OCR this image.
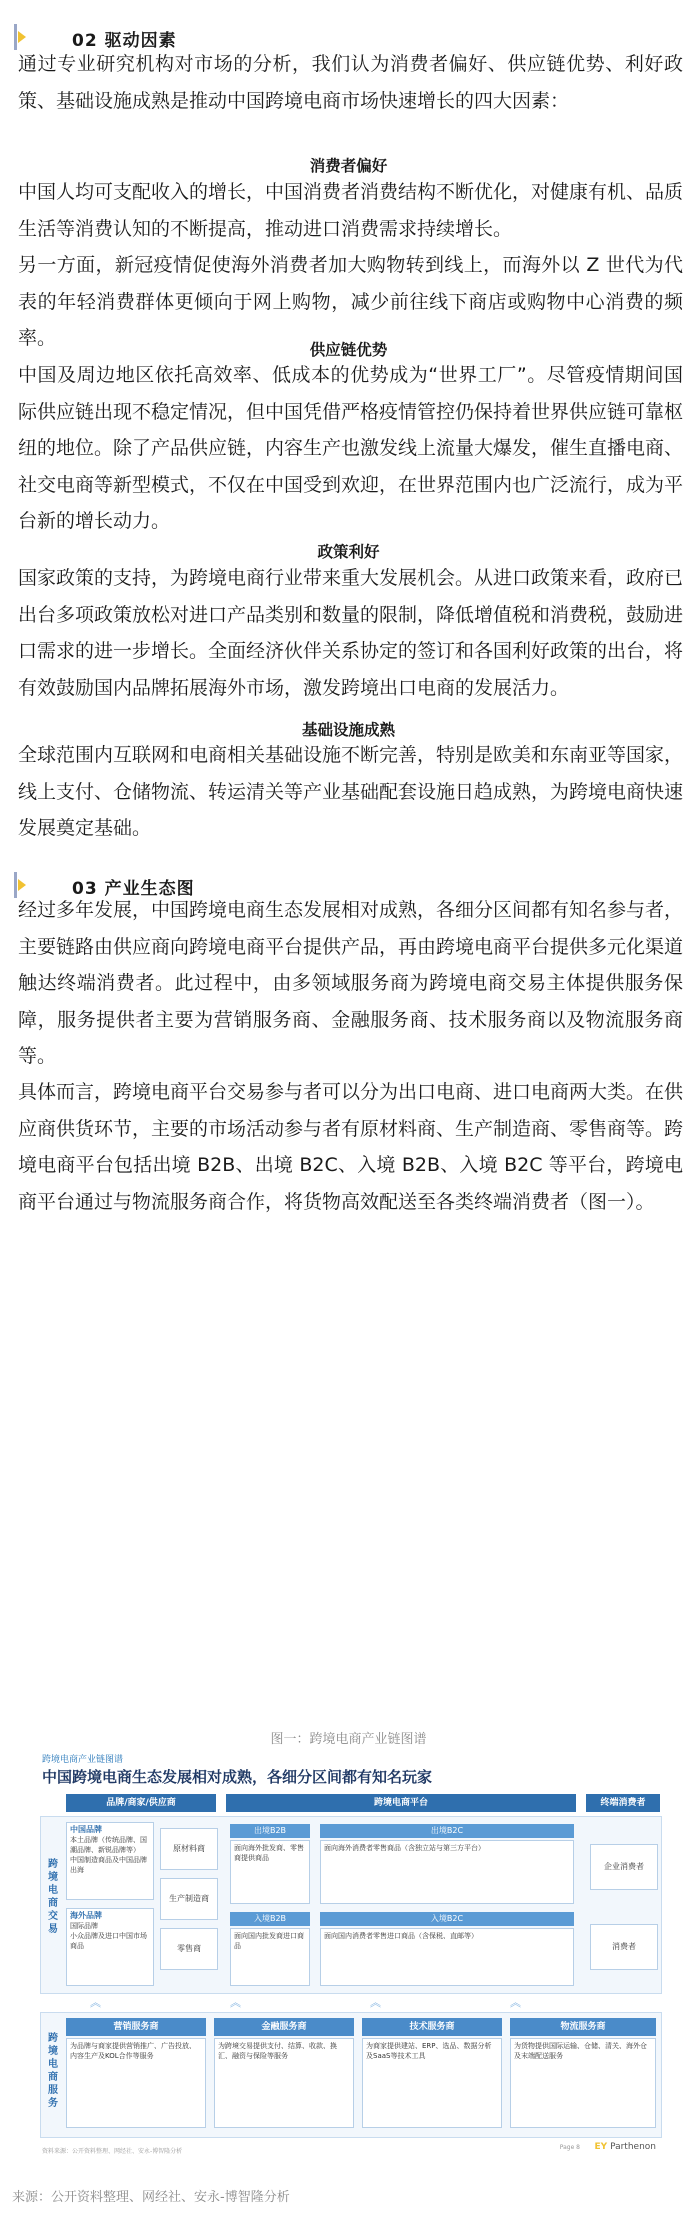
02 驱动因素

通过专业研究机构对市场的分析，我们认为消费者偏好、供应链优势、利好政策、基础设施成熟是推动中国跨境电商市场快速增长的四大因素：

消费者偏好

中国人均可支配收入的增长，中国消费者消费结构不断优化，对健康有机、品质生活等消费认知的不断提高，推动进口消费需求持续增长。

另一方面，新冠疫情促使海外消费者加大购物转到线上，而海外以 Z 世代为代表的年轻消费群体更倾向于网上购物，减少前往线下商店或购物中心消费的频率。

供应链优势

中国及周边地区依托高效率、低成本的优势成为“世界工厂”。尽管疫情期间国际供应链出现不稳定情况，但中国凭借严格疫情管控仍保持着世界供应链可靠枢纽的地位。除了产品供应链，内容生产也激发线上流量大爆发，催生直播电商、社交电商等新型模式，不仅在中国受到欢迎，在世界范围内也广泛流行，成为平台新的增长动力。

政策利好

国家政策的支持，为跨境电商行业带来重大发展机会。从进口政策来看，政府已出台多项政策放松对进口产品类别和数量的限制，降低增值税和消费税，鼓励进口需求的进一步增长。全面经济伙伴关系协定的签订和各国利好政策的出台，将有效鼓励国内品牌拓展海外市场，激发跨境出口电商的发展活力。

基础设施成熟

全球范围内互联网和电商相关基础设施不断完善，特别是欧美和东南亚等国家，线上支付、仓储物流、转运清关等产业基础配套设施日趋成熟，为跨境电商快速发展奠定基础。

03 产业生态图

经过多年发展，中国跨境电商生态发展相对成熟，各细分区间都有知名参与者，主要链路由供应商向跨境电商平台提供产品，再由跨境电商平台提供多元化渠道触达终端消费者。此过程中，由多领域服务商为跨境电商交易主体提供服务保障，服务提供者主要为营销服务商、金融服务商、技术服务商以及物流服务商等。

具体而言，跨境电商平台交易参与者可以分为出口电商、进口电商两大类。在供应商供货环节，主要的市场活动参与者有原材料商、生产制造商、零售商等。跨境电商平台包括出境 B2B、出境 B2C、入境 B2B、入境 B2C 等平台，跨境电商平台通过与物流服务商合作，将货物高效配送至各类终端消费者（图一）。

图一：跨境电商产业链图谱
跨境电商产业链图谱
中国跨境电商生态发展相对成熟，各细分区间都有知名玩家
品牌/商家/供应商	跨境电商平台	终端消费者
跨境电商交易
中国品牌
本土品牌（传统品牌、国潮品牌、新锐品牌等）
中国制造商品及中国品牌出海
海外品牌
国际品牌
小众品牌及进口中国市场商品
原材料商
生产制造商
零售商
出境B2B
面向海外批发商、零售商提供商品
出境B2C
面向海外消费者零售商品（含独立站与第三方平台）
入境B2B
面向国内批发商进口商品
入境B2C
面向国内消费者零售进口商品（含保税、直邮等）
企业消费者
消费者
︽	︽	︽	︽
跨境电商服务
营销服务商
为品牌与商家提供营销推广、广告投放、内容生产及KOL合作等服务
金融服务商
为跨境交易提供支付、结算、收款、换汇、融资与保险等服务
技术服务商
为商家提供建站、ERP、选品、数据分析及SaaS等技术工具
物流服务商
为货物提供国际运输、仓储、清关、海外仓及末端配送服务
资料来源：公开资料整理、网经社、安永-博智隆分析
Page 8 EY Parthenon
来源：公开资料整理、网经社、安永-博智隆分析
